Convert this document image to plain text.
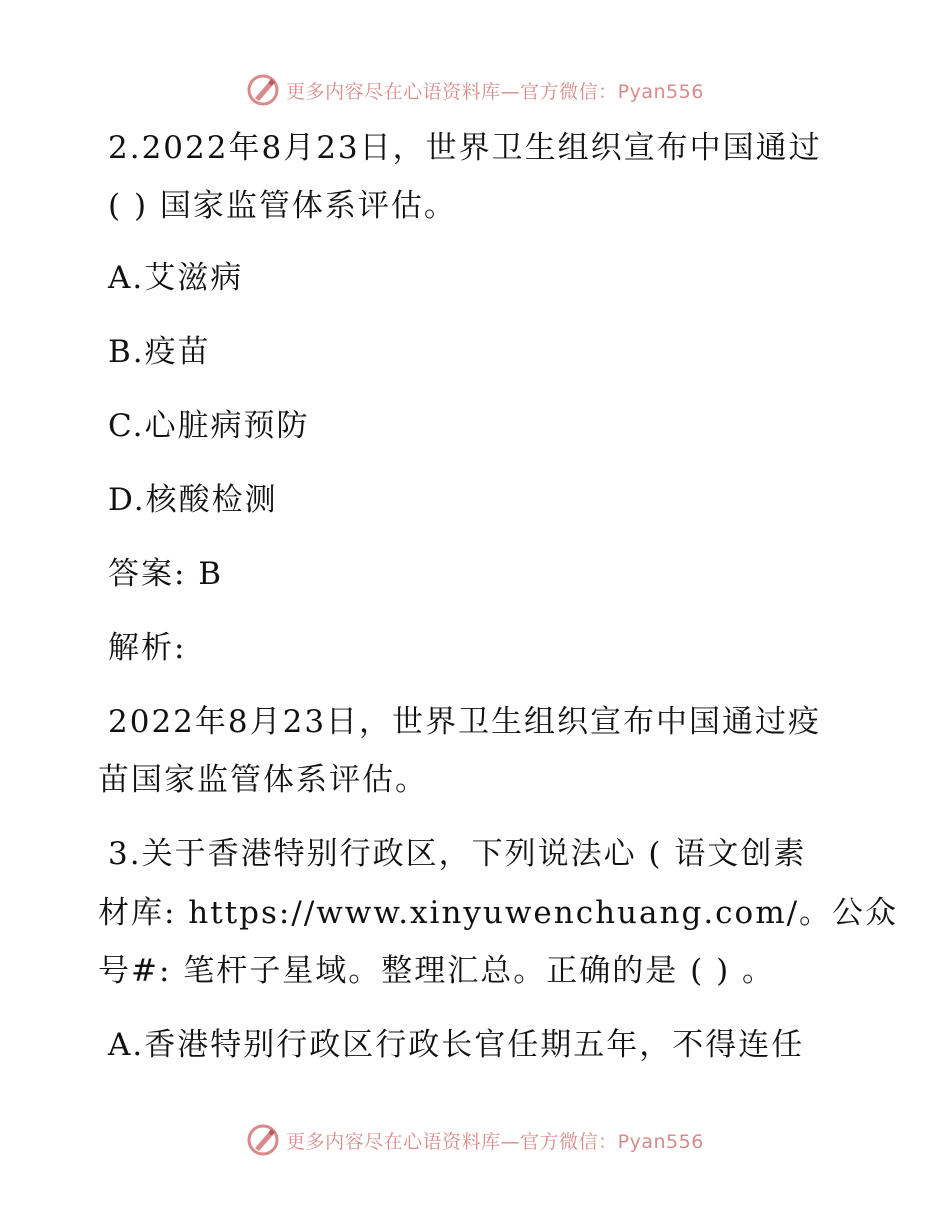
更多内容尽在心语资料库—官方微信：Pyan556
2.2022年8月23日，世界卫生组织宣布中国通过
( ) 国家监管体系评估。
A.艾滋病
B.疫苗
C.心脏病预防
D.核酸检测
答案: B
解析:
2022年8月23日，世界卫生组织宣布中国通过疫
苗国家监管体系评估。
3.关于香港特别行政区，下列说法心 ( 语文创素
材库: https://www.xinyuwenchuang.com/。公众
号#: 笔杆子星域。整理汇总。正确的是 ( ) 。
A.香港特别行政区行政长官任期五年，不得连任
更多内容尽在心语资料库—官方微信：Pyan556
